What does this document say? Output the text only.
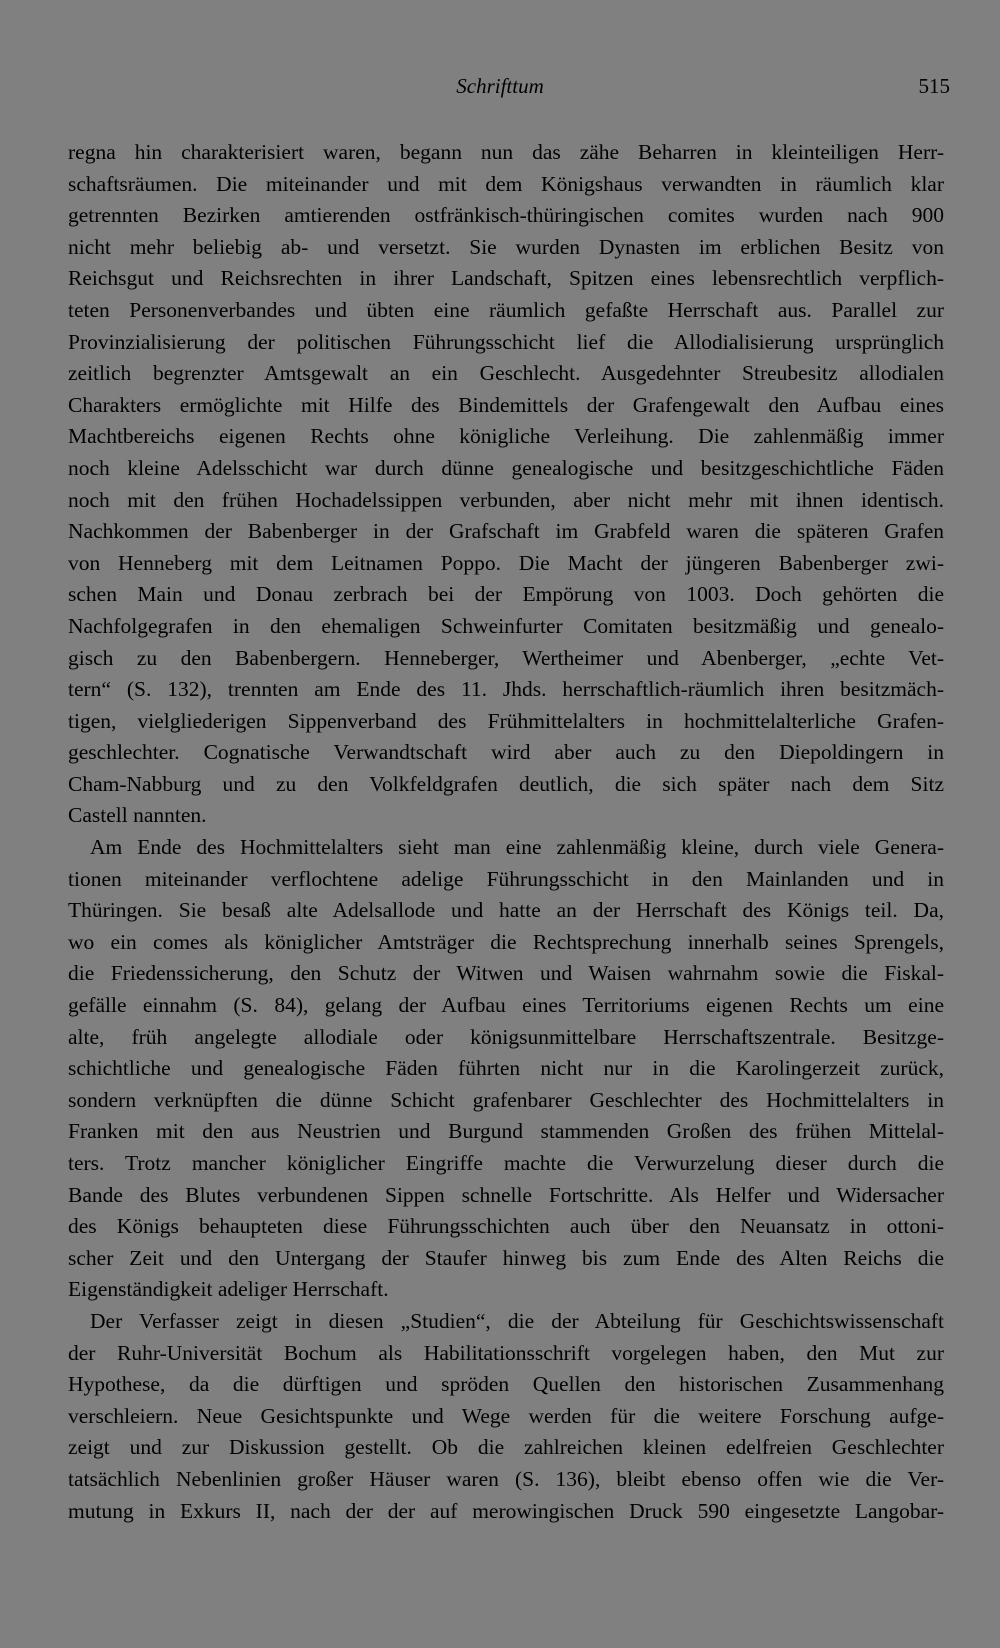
Schrifttum	515
regna hin charakterisiert waren, begann nun das zähe Beharren in kleinteiligen Herr-
schaftsräumen. Die miteinander und mit dem Königshaus verwandten in räumlich klar
getrennten Bezirken amtierenden ostfränkisch-thüringischen comites wurden nach 900
nicht mehr beliebig ab- und versetzt. Sie wurden Dynasten im erblichen Besitz von
Reichsgut und Reichsrechten in ihrer Landschaft, Spitzen eines lebensrechtlich verpflich-
teten Personenverbandes und übten eine räumlich gefaßte Herrschaft aus. Parallel zur
Provinzialisierung der politischen Führungsschicht lief die Allodialisierung ursprünglich
zeitlich begrenzter Amtsgewalt an ein Geschlecht. Ausgedehnter Streubesitz allodialen
Charakters ermöglichte mit Hilfe des Bindemittels der Grafengewalt den Aufbau eines
Machtbereichs eigenen Rechts ohne königliche Verleihung. Die zahlenmäßig immer
noch kleine Adelsschicht war durch dünne genealogische und besitzgeschichtliche Fäden
noch mit den frühen Hochadelssippen verbunden, aber nicht mehr mit ihnen identisch.
Nachkommen der Babenberger in der Grafschaft im Grabfeld waren die späteren Grafen
von Henneberg mit dem Leitnamen Poppo. Die Macht der jüngeren Babenberger zwi-
schen Main und Donau zerbrach bei der Empörung von 1003. Doch gehörten die
Nachfolgegrafen in den ehemaligen Schweinfurter Comitaten besitzmäßig und genealo-
gisch zu den Babenbergern. Henneberger, Wertheimer und Abenberger, „echte Vet-
tern“ (S. 132), trennten am Ende des 11. Jhds. herrschaftlich-räumlich ihren besitzmäch-
tigen, vielgliederigen Sippenverband des Frühmittelalters in hochmittelalterliche Grafen-
geschlechter. Cognatische Verwandtschaft wird aber auch zu den Diepoldingern in
Cham-Nabburg und zu den Volkfeldgrafen deutlich, die sich später nach dem Sitz
Castell nannten.
Am Ende des Hochmittelalters sieht man eine zahlenmäßig kleine, durch viele Genera-
tionen miteinander verflochtene adelige Führungsschicht in den Mainlanden und in
Thüringen. Sie besaß alte Adelsallode und hatte an der Herrschaft des Königs teil. Da,
wo ein comes als königlicher Amtsträger die Rechtsprechung innerhalb seines Sprengels,
die Friedenssicherung, den Schutz der Witwen und Waisen wahrnahm sowie die Fiskal-
gefälle einnahm (S. 84), gelang der Aufbau eines Territoriums eigenen Rechts um eine
alte, früh angelegte allodiale oder königsunmittelbare Herrschaftszentrale. Besitzge-
schichtliche und genealogische Fäden führten nicht nur in die Karolingerzeit zurück,
sondern verknüpften die dünne Schicht grafenbarer Geschlechter des Hochmittelalters in
Franken mit den aus Neustrien und Burgund stammenden Großen des frühen Mittelal-
ters. Trotz mancher königlicher Eingriffe machte die Verwurzelung dieser durch die
Bande des Blutes verbundenen Sippen schnelle Fortschritte. Als Helfer und Widersacher
des Königs behaupteten diese Führungsschichten auch über den Neuansatz in ottoni-
scher Zeit und den Untergang der Staufer hinweg bis zum Ende des Alten Reichs die
Eigenständigkeit adeliger Herrschaft.
Der Verfasser zeigt in diesen „Studien“, die der Abteilung für Geschichtswissenschaft
der Ruhr-Universität Bochum als Habilitationsschrift vorgelegen haben, den Mut zur
Hypothese, da die dürftigen und spröden Quellen den historischen Zusammenhang
verschleiern. Neue Gesichtspunkte und Wege werden für die weitere Forschung aufge-
zeigt und zur Diskussion gestellt. Ob die zahlreichen kleinen edelfreien Geschlechter
tatsächlich Nebenlinien großer Häuser waren (S. 136), bleibt ebenso offen wie die Ver-
mutung in Exkurs II, nach der der auf merowingischen Druck 590 eingesetzte Langobar-
